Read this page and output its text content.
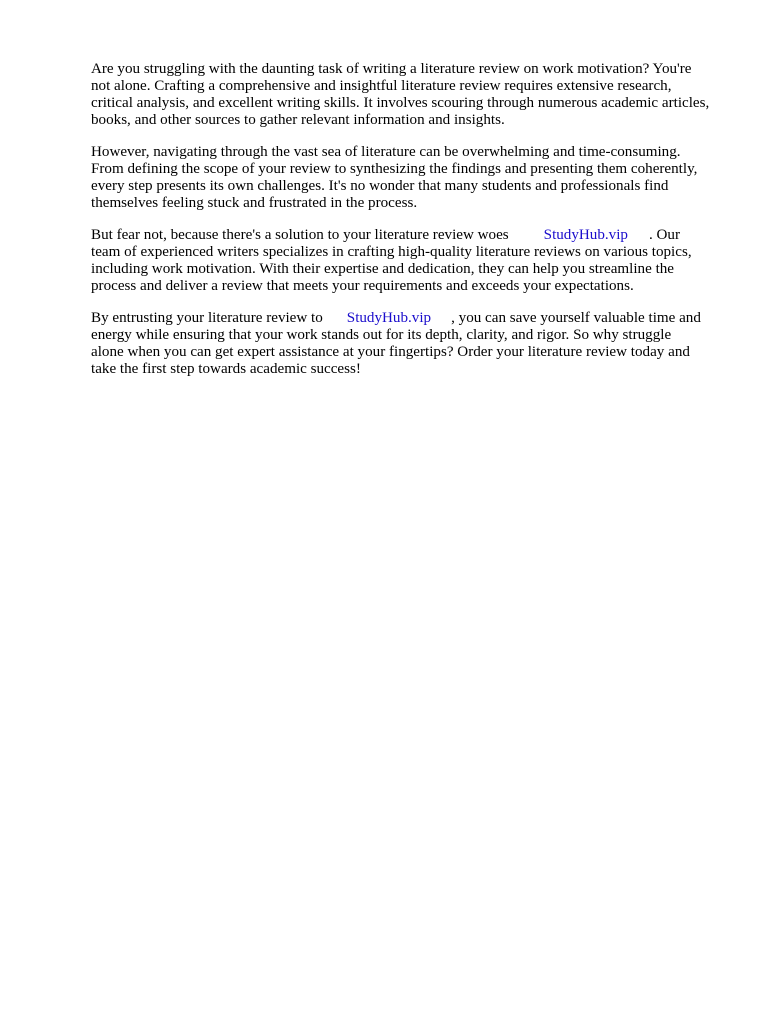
Are you struggling with the daunting task of writing a literature review on work motivation? You're
not alone. Crafting a comprehensive and insightful literature review requires extensive research,
critical analysis, and excellent writing skills. It involves scouring through numerous academic articles,
books, and other sources to gather relevant information and insights.

However, navigating through the vast sea of literature can be overwhelming and time-consuming.
From defining the scope of your review to synthesizing the findings and presenting them coherently,
every step presents its own challenges. It's no wonder that many students and professionals find
themselves feeling stuck and frustrated in the process.

But fear not, because there's a solution to your literature review woes StudyHub.vip . Our
team of experienced writers specializes in crafting high-quality literature reviews on various topics,
including work motivation. With their expertise and dedication, they can help you streamline the
process and deliver a review that meets your requirements and exceeds your expectations.

By entrusting your literature review to StudyHub.vip , you can save yourself valuable time and
energy while ensuring that your work stands out for its depth, clarity, and rigor. So why struggle
alone when you can get expert assistance at your fingertips? Order your literature review today and
take the first step towards academic success!
